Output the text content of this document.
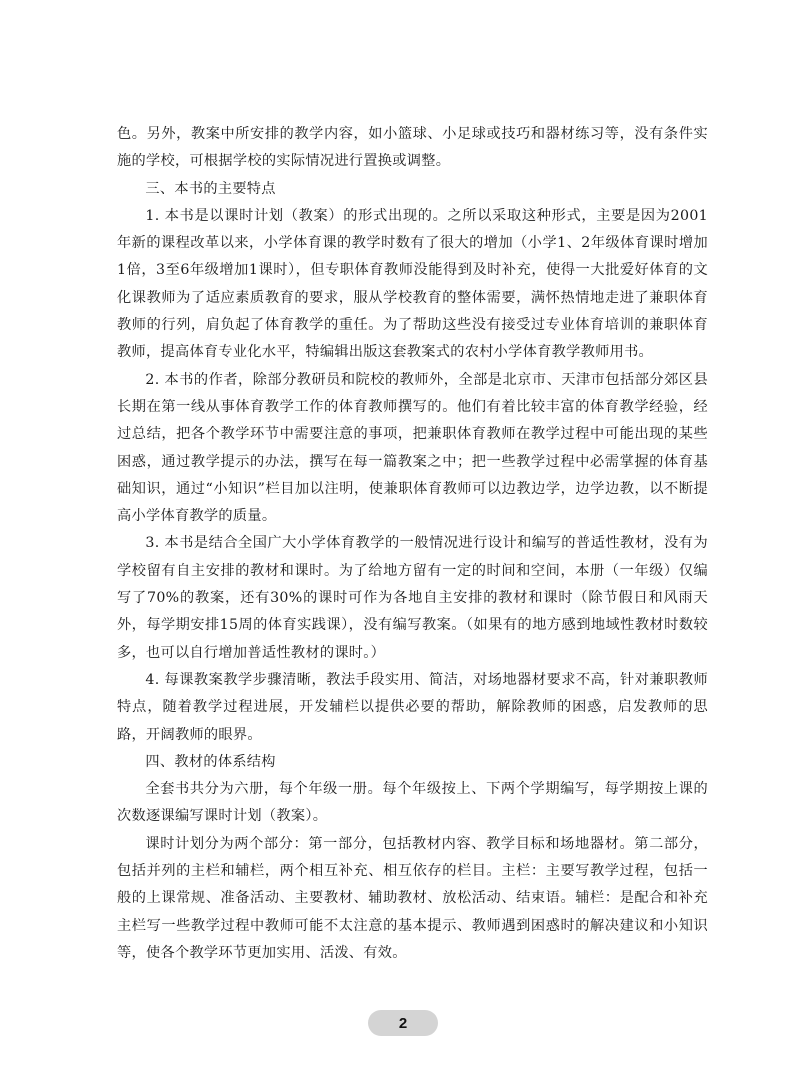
色。另外，教案中所安排的教学内容，如小篮球、小足球或技巧和器材练习等，没有条件实施的学校，可根据学校的实际情况进行置换或调整。

三、本书的主要特点

1. 本书是以课时计划（教案）的形式出现的。之所以采取这种形式，主要是因为2001年新的课程改革以来，小学体育课的教学时数有了很大的增加（小学1、2年级体育课时增加1倍，3至6年级增加1课时），但专职体育教师没能得到及时补充，使得一大批爱好体育的文化课教师为了适应素质教育的要求，服从学校教育的整体需要，满怀热情地走进了兼职体育教师的行列，肩负起了体育教学的重任。为了帮助这些没有接受过专业体育培训的兼职体育教师，提高体育专业化水平，特编辑出版这套教案式的农村小学体育教学教师用书。

2. 本书的作者，除部分教研员和院校的教师外，全部是北京市、天津市包括部分郊区县长期在第一线从事体育教学工作的体育教师撰写的。他们有着比较丰富的体育教学经验，经过总结，把各个教学环节中需要注意的事项，把兼职体育教师在教学过程中可能出现的某些困惑，通过教学提示的办法，撰写在每一篇教案之中；把一些教学过程中必需掌握的体育基础知识，通过“小知识”栏目加以注明，使兼职体育教师可以边教边学，边学边教，以不断提高小学体育教学的质量。

3. 本书是结合全国广大小学体育教学的一般情况进行设计和编写的普适性教材，没有为学校留有自主安排的教材和课时。为了给地方留有一定的时间和空间，本册（一年级）仅编写了70%的教案，还有30%的课时可作为各地自主安排的教材和课时（除节假日和风雨天外，每学期安排15周的体育实践课），没有编写教案。（如果有的地方感到地域性教材时数较多，也可以自行增加普适性教材的课时。）

4. 每课教案教学步骤清晰，教法手段实用、简洁，对场地器材要求不高，针对兼职教师特点，随着教学过程进展，开发辅栏以提供必要的帮助，解除教师的困惑，启发教师的思路，开阔教师的眼界。

四、教材的体系结构

全套书共分为六册，每个年级一册。每个年级按上、下两个学期编写，每学期按上课的次数逐课编写课时计划（教案）。

课时计划分为两个部分：第一部分，包括教材内容、教学目标和场地器材。第二部分，包括并列的主栏和辅栏，两个相互补充、相互依存的栏目。主栏：主要写教学过程，包括一般的上课常规、准备活动、主要教材、辅助教材、放松活动、结束语。辅栏：是配合和补充主栏写一些教学过程中教师可能不太注意的基本提示、教师遇到困惑时的解决建议和小知识等，使各个教学环节更加实用、活泼、有效。

2
